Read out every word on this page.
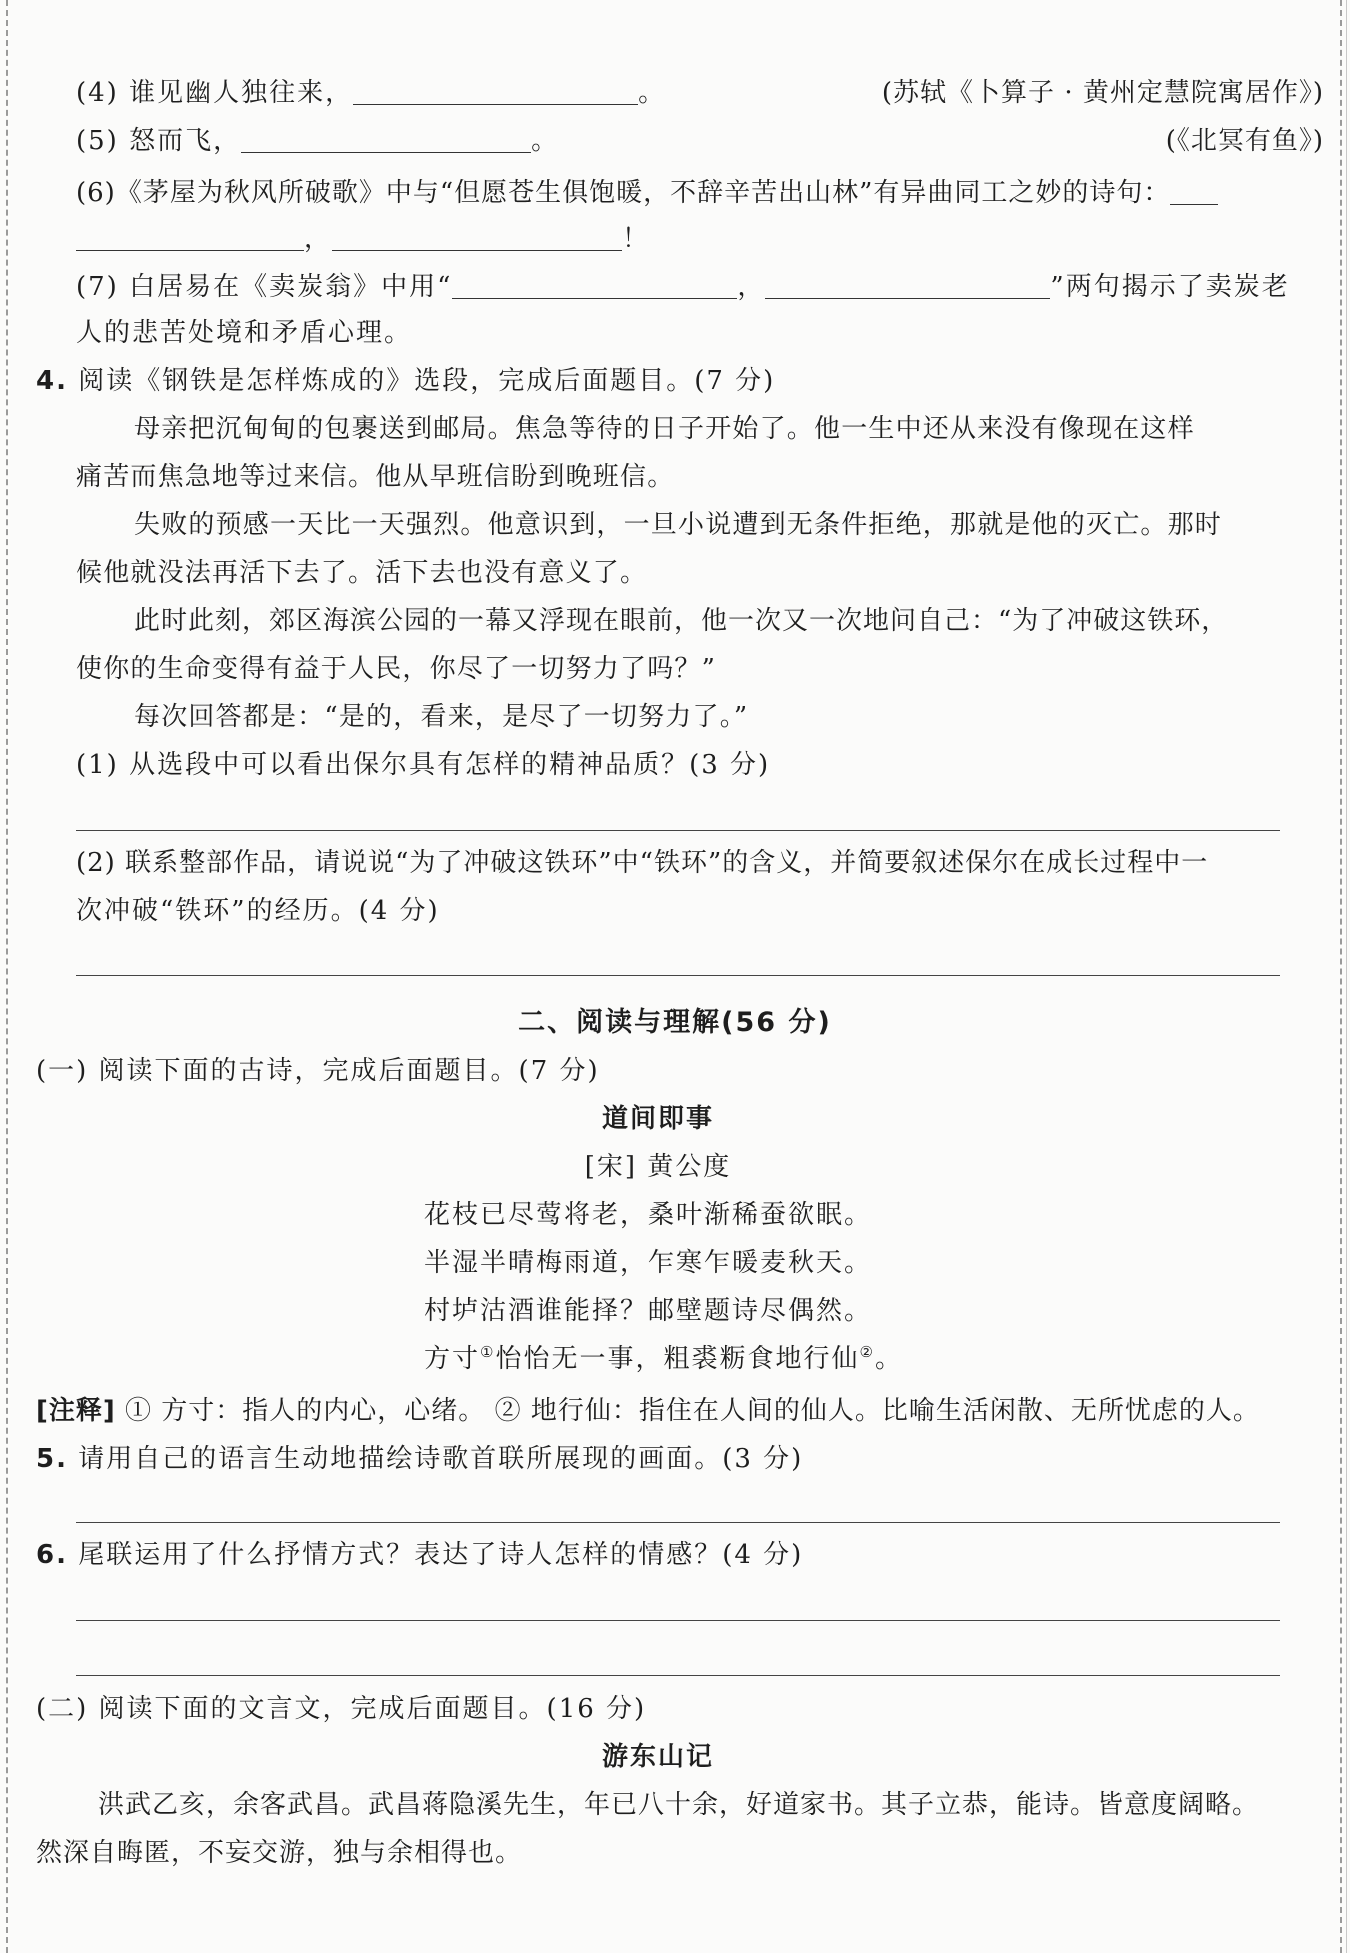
(4) 谁见幽人独往来，	。	(苏轼《卜算子 · 黄州定慧院寓居作》)
(5) 怒而飞，	。	(《北冥有鱼》)
(6)《茅屋为秋风所破歌》中与“但愿苍生俱饱暖，不辞辛苦出山林”有异曲同工之妙的诗句：
，	！
(7) 白居易在《卖炭翁》中用“	，	”两句揭示了卖炭老
人的悲苦处境和矛盾心理。
4. 阅读《钢铁是怎样炼成的》选段，完成后面题目。(7 分)
母亲把沉甸甸的包裹送到邮局。焦急等待的日子开始了。他一生中还从来没有像现在这样
痛苦而焦急地等过来信。他从早班信盼到晚班信。
失败的预感一天比一天强烈。他意识到，一旦小说遭到无条件拒绝，那就是他的灭亡。那时
候他就没法再活下去了。活下去也没有意义了。
此时此刻，郊区海滨公园的一幕又浮现在眼前，他一次又一次地问自己：“为了冲破这铁环，
使你的生命变得有益于人民，你尽了一切努力了吗？”
每次回答都是：“是的，看来，是尽了一切努力了。”
(1) 从选段中可以看出保尔具有怎样的精神品质？(3 分)
(2) 联系整部作品，请说说“为了冲破这铁环”中“铁环”的含义，并简要叙述保尔在成长过程中一
次冲破“铁环”的经历。(4 分)
二、阅读与理解(56 分)
(一) 阅读下面的古诗，完成后面题目。(7 分)
道间即事
[宋] 黄公度
花枝已尽莺将老，桑叶渐稀蚕欲眠。
半湿半晴梅雨道，乍寒乍暖麦秋天。
村垆沽酒谁能择？邮壁题诗尽偶然。
方寸①怡怡无一事，粗裘粝食地行仙②。
[注释] ① 方寸：指人的内心，心绪。 ② 地行仙：指住在人间的仙人。比喻生活闲散、无所忧虑的人。
5. 请用自己的语言生动地描绘诗歌首联所展现的画面。(3 分)
6. 尾联运用了什么抒情方式？表达了诗人怎样的情感？(4 分)
(二) 阅读下面的文言文，完成后面题目。(16 分)
游东山记
洪武乙亥，余客武昌。武昌蒋隐溪先生，年已八十余，好道家书。其子立恭，能诗。皆意度阔略。
然深自晦匿，不妄交游，独与余相得也。
